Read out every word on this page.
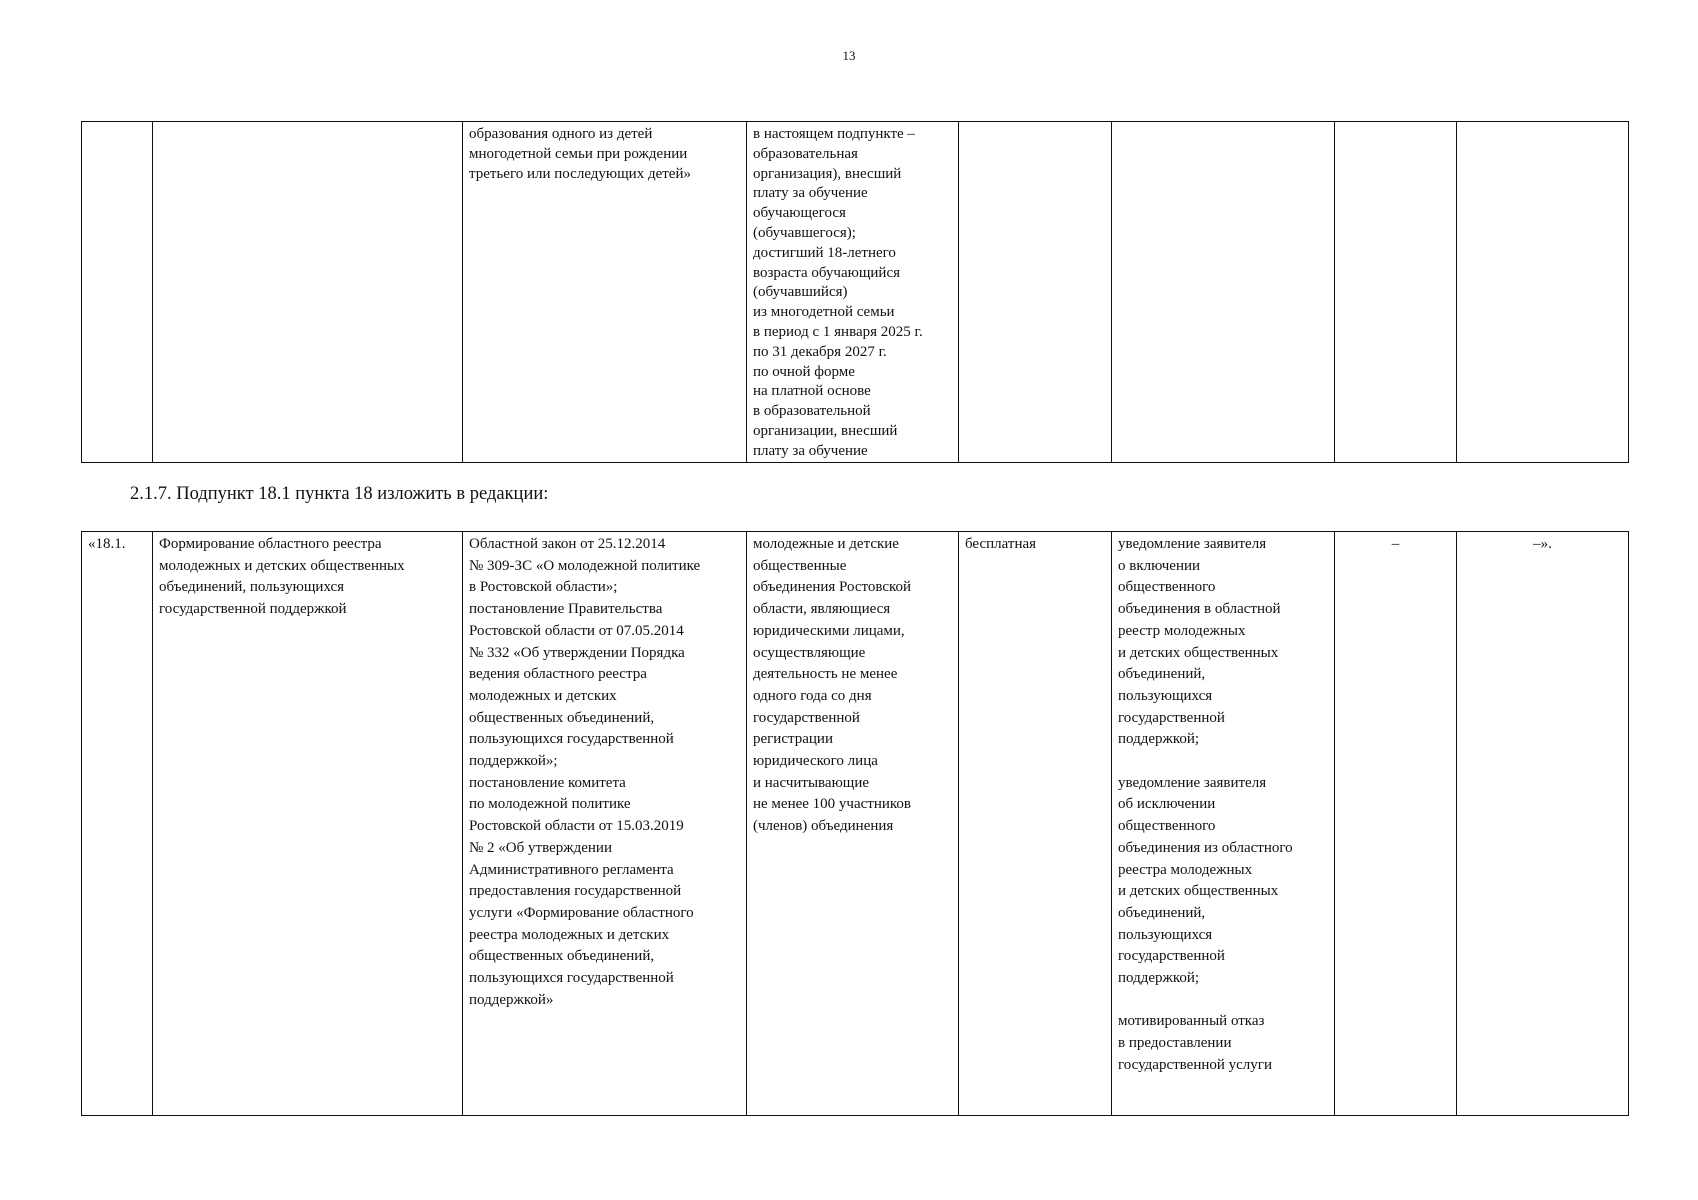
13
		образования одного из детей
многодетной семьи при рождении
третьего или последующих детей»	в настоящем подпункте –
образовательная
организация), внесший
плату за обучение
обучающегося
(обучавшегося);
достигший 18-летнего
возраста обучающийся
(обучавшийся)
из многодетной семьи
в период с 1 января 2025 г.
по 31 декабря 2027 г.
по очной форме
на платной основе
в образовательной
организации, внесший
плату за обучение				
2.1.7. Подпункт 18.1 пункта 18 изложить в редакции:
«18.1.	Формирование областного реестра
молодежных и детских общественных
объединений, пользующихся
государственной поддержкой	Областной закон от 25.12.2014
№ 309-ЗС «О молодежной политике
в Ростовской области»;
постановление Правительства
Ростовской области от 07.05.2014
№ 332 «Об утверждении Порядка
ведения областного реестра
молодежных и детских
общественных объединений,
пользующихся государственной
поддержкой»;
постановление комитета
по молодежной политике
Ростовской области от 15.03.2019
№ 2 «Об утверждении
Административного регламента
предоставления государственной
услуги «Формирование областного
реестра молодежных и детских
общественных объединений,
пользующихся государственной
поддержкой»	молодежные и детские
общественные
объединения Ростовской
области, являющиеся
юридическими лицами,
осуществляющие
деятельность не менее
одного года со дня
государственной
регистрации
юридического лица
и насчитывающие
не менее 100 участников
(членов) объединения	бесплатная	уведомление заявителя
о включении
общественного
объединения в областной
реестр молодежных
и детских общественных
объединений,
пользующихся
государственной
поддержкой;

уведомление заявителя
об исключении
общественного
объединения из областного
реестра молодежных
и детских общественных
объединений,
пользующихся
государственной
поддержкой;

мотивированный отказ
в предоставлении
государственной услуги	–	–».
